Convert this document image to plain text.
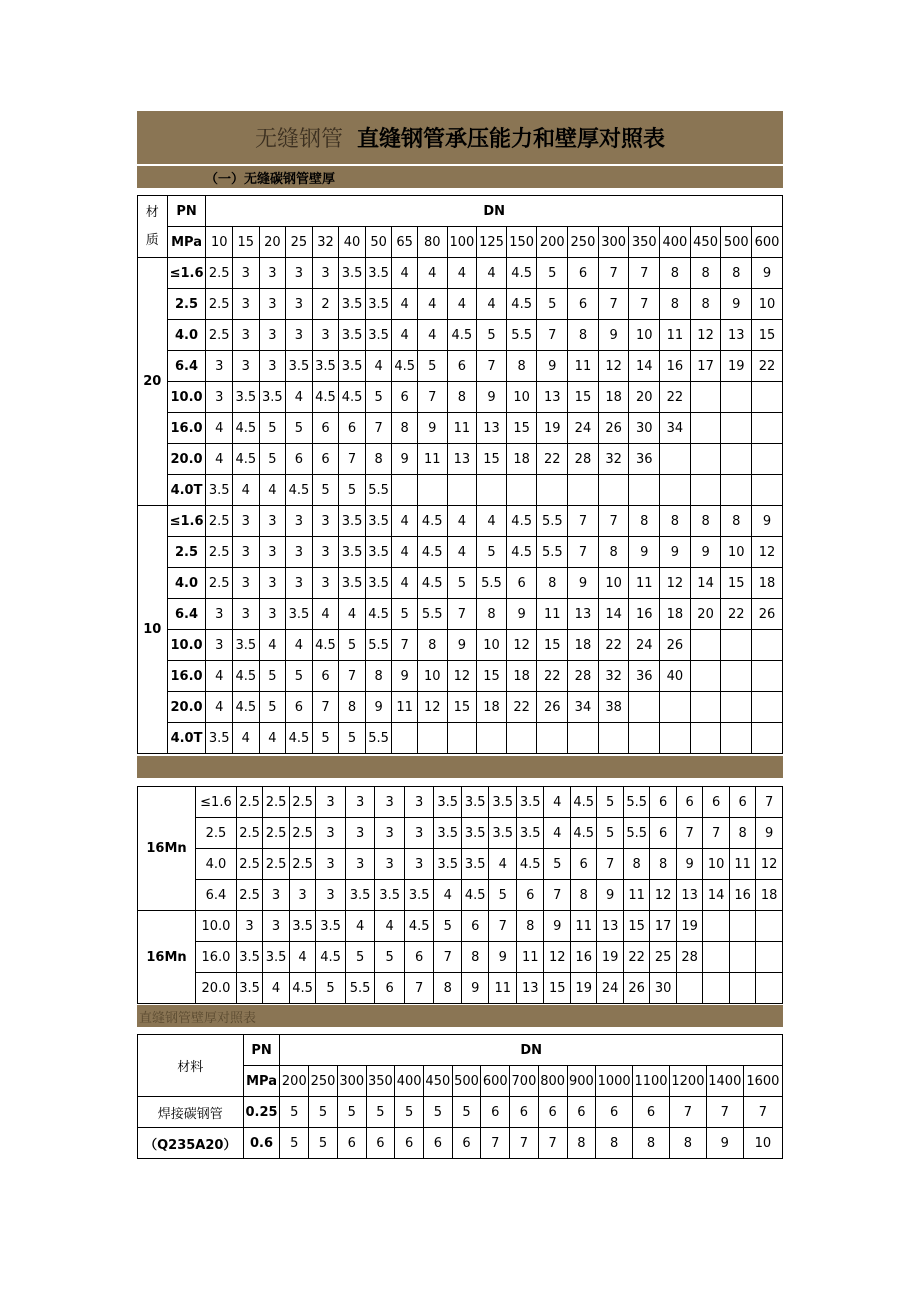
无缝钢管 直缝钢管承压能力和壁厚对照表
（一）无缝碳钢管壁厚
材
质	PN	DN																			
	MPa	10	15	20	25	32	40	50	65	80	100	125	150	200	250	300	350	400	450	500	600
20	≤1.6	2.5	3	3	3	3	3.5	3.5	4	4	4	4	4.5	5	6	7	7	8	8	8	9
	2.5	2.5	3	3	3	2	3.5	3.5	4	4	4	4	4.5	5	6	7	7	8	8	9	10
	4.0	2.5	3	3	3	3	3.5	3.5	4	4	4.5	5	5.5	7	8	9	10	11	12	13	15
	6.4	3	3	3	3.5	3.5	3.5	4	4.5	5	6	7	8	9	11	12	14	16	17	19	22
	10.0	3	3.5	3.5	4	4.5	4.5	5	6	7	8	9	10	13	15	18	20	22			
	16.0	4	4.5	5	5	6	6	7	8	9	11	13	15	19	24	26	30	34			
	20.0	4	4.5	5	6	6	7	8	9	11	13	15	18	22	28	32	36				
	4.0T	3.5	4	4	4.5	5	5	5.5													
10	≤1.6	2.5	3	3	3	3	3.5	3.5	4	4.5	4	4	4.5	5.5	7	7	8	8	8	8	9
	2.5	2.5	3	3	3	3	3.5	3.5	4	4.5	4	5	4.5	5.5	7	8	9	9	9	10	12
	4.0	2.5	3	3	3	3	3.5	3.5	4	4.5	5	5.5	6	8	9	10	11	12	14	15	18
	6.4	3	3	3	3.5	4	4	4.5	5	5.5	7	8	9	11	13	14	16	18	20	22	26
	10.0	3	3.5	4	4	4.5	5	5.5	7	8	9	10	12	15	18	22	24	26			
	16.0	4	4.5	5	5	6	7	8	9	10	12	15	18	22	28	32	36	40			
	20.0	4	4.5	5	6	7	8	9	11	12	15	18	22	26	34	38					
	4.0T	3.5	4	4	4.5	5	5	5.5													
16Mn	≤1.6	2.5	2.5	2.5	3	3	3	3	3.5	3.5	3.5	3.5	4	4.5	5	5.5	6	6	6	6	7
	2.5	2.5	2.5	2.5	3	3	3	3	3.5	3.5	3.5	3.5	4	4.5	5	5.5	6	7	7	8	9
	4.0	2.5	2.5	2.5	3	3	3	3	3.5	3.5	4	4.5	5	6	7	8	8	9	10	11	12
	6.4	2.5	3	3	3	3.5	3.5	3.5	4	4.5	5	6	7	8	9	11	12	13	14	16	18
16Mn	10.0	3	3	3.5	3.5	4	4	4.5	5	6	7	8	9	11	13	15	17	19			
	16.0	3.5	3.5	4	4.5	5	5	6	7	8	9	11	12	16	19	22	25	28			
	20.0	3.5	4	4.5	5	5.5	6	7	8	9	11	13	15	19	24	26	30				
直缝钢管壁厚对照表
材料	PN	DN															
	MPa	200	250	300	350	400	450	500	600	700	800	900	1000	1100	1200	1400	1600
焊接碳钢管	0.25	5	5	5	5	5	5	5	6	6	6	6	6	6	7	7	7
（Q235A20）	0.6	5	5	6	6	6	6	6	7	7	7	8	8	8	8	9	10
